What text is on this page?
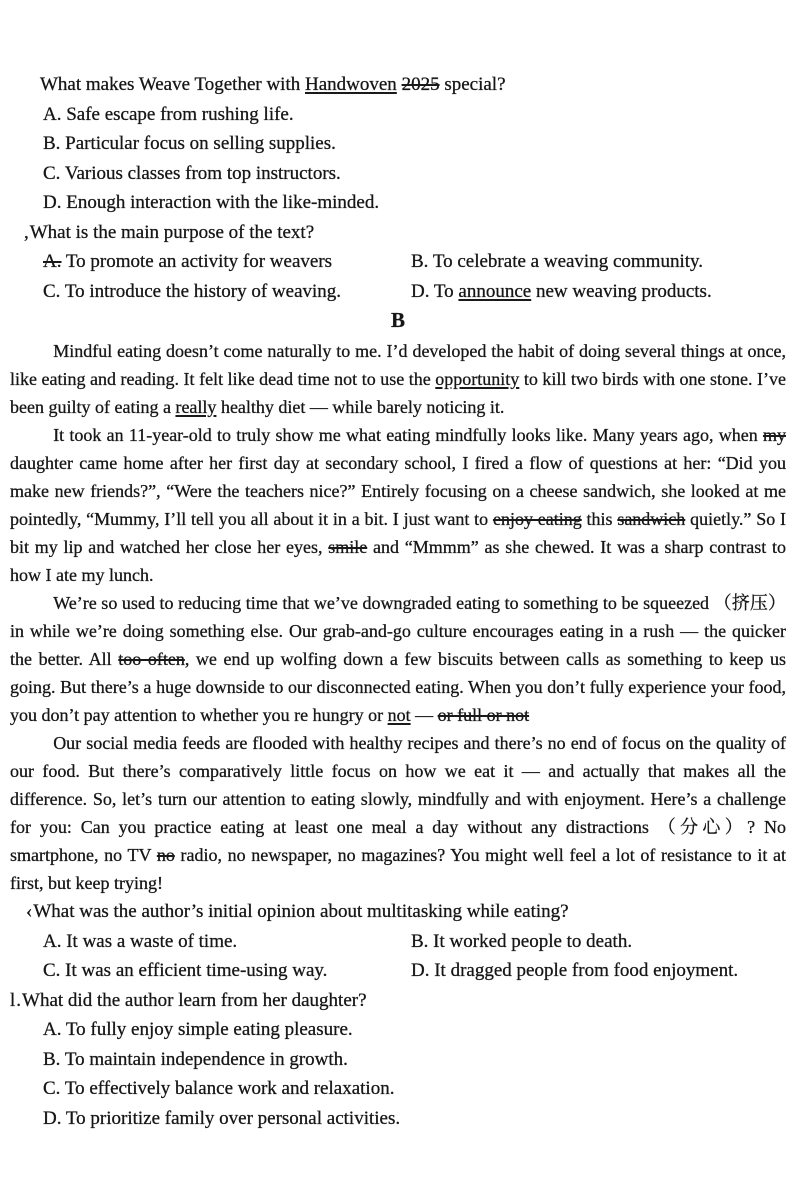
What makes Weave Together with Handwoven 2025 special?
A. Safe escape from rushing life.
B. Particular focus on selling supplies.
C. Various classes from top instructors.
D. Enough interaction with the like-minded.
,What is the main purpose of the text?
A. To promote an activity for weavers	B. To celebrate a weaving community.
C. To introduce the history of weaving.	D. To announce new weaving products.
B

Mindful eating doesn’t come naturally to me. I’d developed the habit of doing several things at once, like eating and reading. It felt like dead time not to use the opportunity to kill two birds with one stone. I’ve been guilty of eating a really healthy diet — while barely noticing it.

It took an 11-year-old to truly show me what eating mindfully looks like. Many years ago, when my daughter came home after her first day at secondary school, I fired a flow of questions at her: “Did you make new friends?”, “Were the teachers nice?” Entirely focusing on a cheese sandwich, she looked at me pointedly, “Mummy, I’ll tell you all about it in a bit. I just want to enjoy eating this sandwich quietly.” So I bit my lip and watched her close her eyes, smile and “Mmmm” as she chewed. It was a sharp contrast to how I ate my lunch.

We’re so used to reducing time that we’ve downgraded eating to something to be squeezed （挤压） in while we’re doing something else. Our grab-and-go culture encourages eating in a rush — the quicker the better. All too often, we end up wolfing down a few biscuits between calls as something to keep us going. But there’s a huge downside to our disconnected eating. When you don’t fully experience your food, you don’t pay attention to whether you re hungry or not — or full or not

Our social media feeds are flooded with healthy recipes and there’s no end of focus on the quality of our food. But there’s comparatively little focus on how we eat it — and actually that makes all the difference. So, let’s turn our attention to eating slowly, mindfully and with enjoyment. Here’s a challenge for you: Can you practice eating at least one meal a day without any distractions （分心）? No smartphone, no TV no radio, no newspaper, no magazines? You might well feel a lot of resistance to it at first, but keep trying!

‹What was the author’s initial opinion about multitasking while eating?
A. It was a waste of time.	B. It worked people to death.
C. It was an efficient time-using way.	D. It dragged people from food enjoyment.
l.What did the author learn from her daughter?
A. To fully enjoy simple eating pleasure.
B. To maintain independence in growth.
C. To effectively balance work and relaxation.
D. To prioritize family over personal activities.
